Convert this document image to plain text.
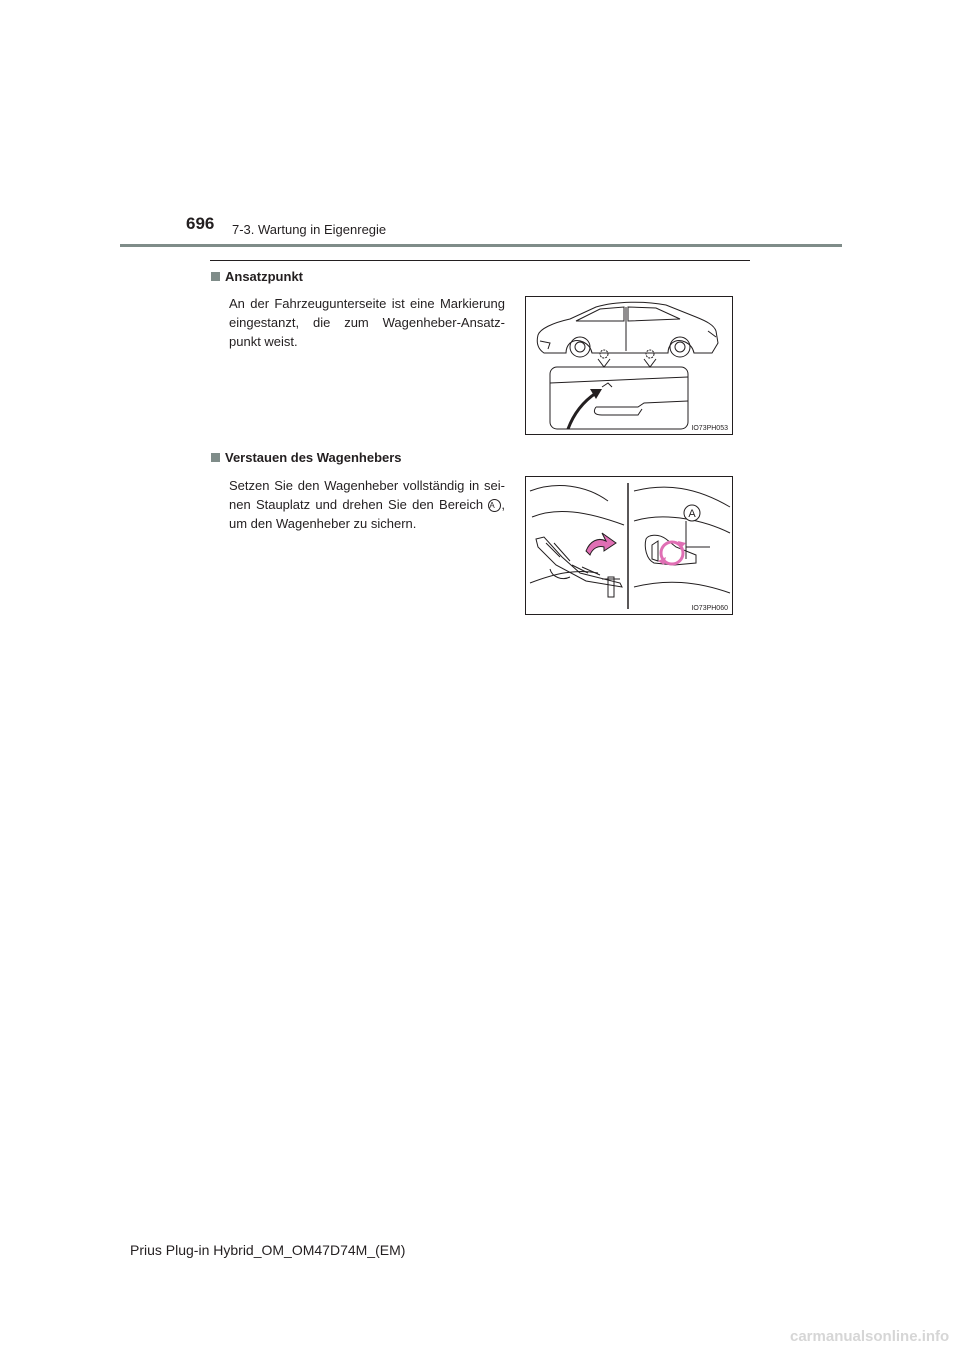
696 7-3. Wartung in Eigenregie
Ansatzpunkt
An der Fahrzeugunterseite ist eine Markierung eingestanzt, die zum Wagenheber-Ansatz-punkt weist.
IO73PH053
Verstauen des Wagenhebers
Setzen Sie den Wagenheber vollständig in sei-nen Stauplatz und drehen Sie den Bereich A , um den Wagenheber zu sichern.
A
IO73PH060
Prius Plug-in Hybrid_OM_OM47D74M_(EM)
carmanualsonline.info
